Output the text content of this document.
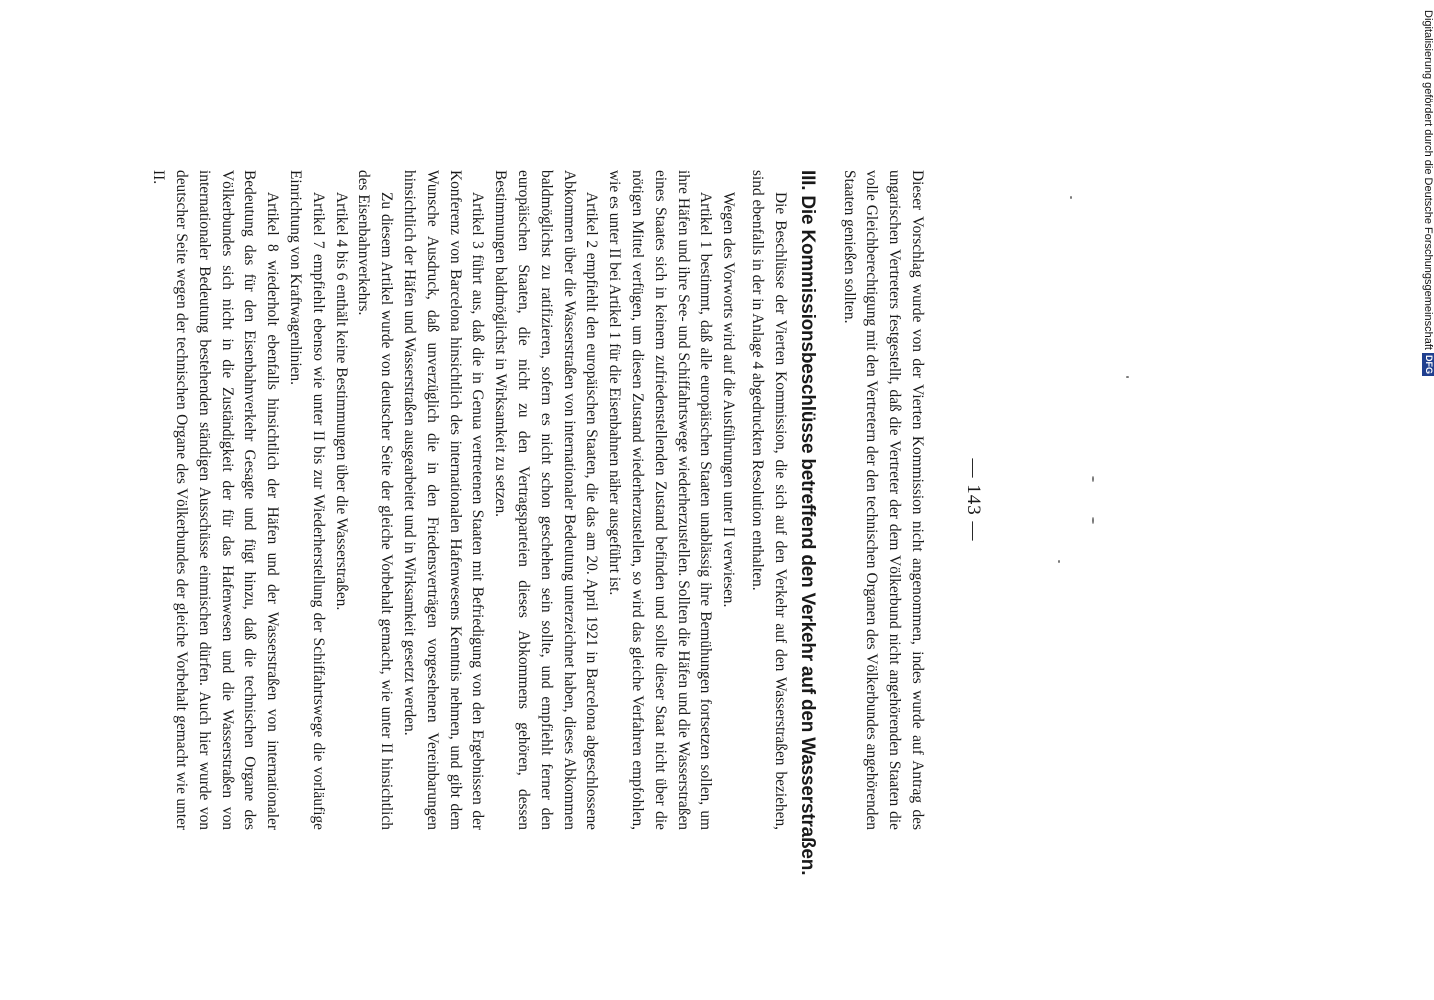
— 143 —

Dieser Vorschlag wurde von der Vierten Kommission nicht angenommen, indes wurde auf Antrag des ungarischen Vertreters festgestellt, daß die Vertreter der dem Völkerbund nicht angehörenden Staaten die volle Gleichberechtigung mit den Vertretern der den technischen Organen des Völkerbundes angehörenden Staaten genießen sollten.

III. Die Kommissionsbeschlüsse betreffend den Verkehr auf den Wasserstraßen.

Die Beschlüsse der Vierten Kommission, die sich auf den Verkehr auf den Wasserstraßen beziehen, sind ebenfalls in der in Anlage 4 abgedruckten Resolution enthalten.

Wegen des Vorworts wird auf die Ausführungen unter II verwiesen.

Artikel 1 bestimmt, daß alle europäischen Staaten unablässig ihre Bemühungen fortsetzen sollen, um ihre Häfen und ihre See- und Schiffahrtswege wiederherzustellen. Sollten die Häfen und die Wasserstraßen eines Staates sich in keinem zufriedenstellenden Zustand befinden und sollte dieser Staat nicht über die nötigen Mittel verfügen, um diesen Zustand wiederherzustellen, so wird das gleiche Verfahren empfohlen, wie es unter II bei Artikel 1 für die Eisenbahnen näher ausgeführt ist.

Artikel 2 empfiehlt den europäischen Staaten, die das am 20. April 1921 in Barcelona abgeschlossene Abkommen über die Wasserstraßen von internationaler Bedeutung unterzeichnet haben, dieses Abkommen baldmöglichst zu ratifizieren, sofern es nicht schon geschehen sein sollte, und empfiehlt ferner den europäischen Staaten, die nicht zu den Vertragsparteien dieses Abkommens gehören, dessen Bestimmungen baldmöglichst in Wirksamkeit zu setzen.

Artikel 3 führt aus, daß die in Genua vertretenen Staaten mit Befriedigung von den Ergebnissen der Konferenz von Barcelona hinsichtlich des internationalen Hafenwesens Kenntnis nehmen, und gibt dem Wunsche Ausdruck, daß unverzüglich die in den Friedensverträgen vorgesehenen Vereinbarungen hinsichtlich der Häfen und Wasserstraßen ausgearbeitet und in Wirksamkeit gesetzt werden.

Zu diesem Artikel wurde von deutscher Seite der gleiche Vorbehalt gemacht, wie unter II hinsichtlich des Eisenbahnverkehrs.

Artikel 4 bis 6 enthält keine Bestimmungen über die Wasserstraßen.

Artikel 7 empfiehlt ebenso wie unter II bis zur Wiederherstellung der Schiffahrtswege die vorläufige Einrichtung von Kraftwagenlinien.

Artikel 8 wiederholt ebenfalls hinsichtlich der Häfen und der Wasserstraßen von internationaler Bedeutung das für den Eisenbahnverkehr Gesagte und fügt hinzu, daß die technischen Organe des Völkerbundes sich nicht in die Zuständigkeit der für das Hafenwesen und die Wasserstraßen von internationaler Bedeutung bestehenden ständigen Ausschüsse einmischen dürfen. Auch hier wurde von deutscher Seite wegen der technischen Organe des Völkerbundes der gleiche Vorbehalt gemacht wie unter II.	Digitalisierung gefördert durch die Deutsche ForschungsgemeinschaftDFG
